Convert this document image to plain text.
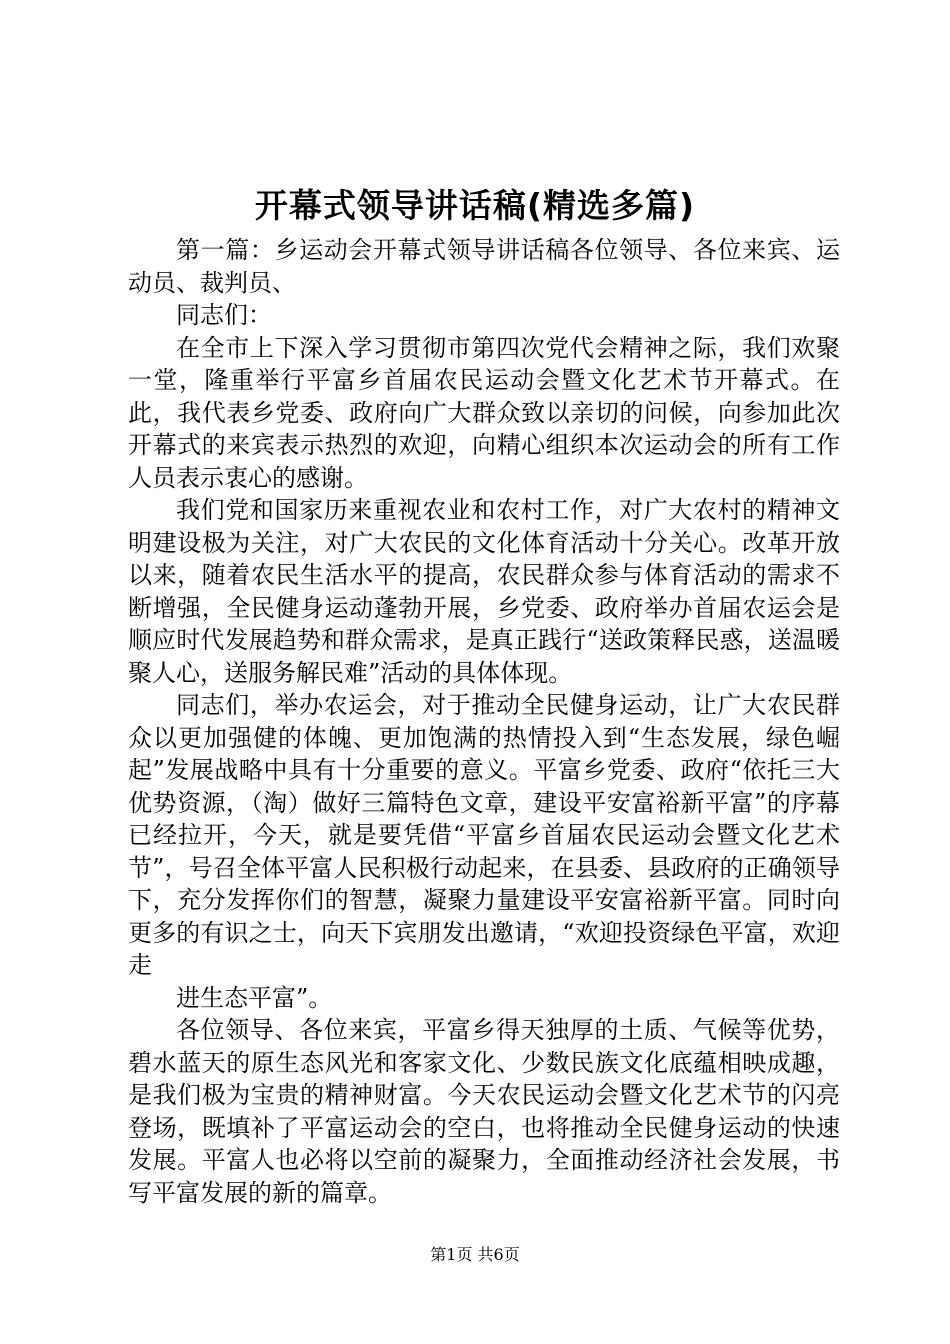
开幕式领导讲话稿(精选多篇)

第一篇：乡运动会开幕式领导讲话稿各位领导、各位来宾、运动员、裁判员、

同志们：

在全市上下深入学习贯彻市第四次党代会精神之际，我们欢聚一堂，隆重举行平富乡首届农民运动会暨文化艺术节开幕式。在此，我代表乡党委、政府向广大群众致以亲切的问候，向参加此次开幕式的来宾表示热烈的欢迎，向精心组织本次运动会的所有工作人员表示衷心的感谢。

我们党和国家历来重视农业和农村工作，对广大农村的精神文明建设极为关注，对广大农民的文化体育活动十分关心。改革开放以来，随着农民生活水平的提高，农民群众参与体育活动的需求不断增强，全民健身运动蓬勃开展，乡党委、政府举办首届农运会是顺应时代发展趋势和群众需求，是真正践行“送政策释民惑，送温暖聚人心，送服务解民难”活动的具体体现。

同志们，举办农运会，对于推动全民健身运动，让广大农民群众以更加强健的体魄、更加饱满的热情投入到“生态发展，绿色崛起”发展战略中具有十分重要的意义。平富乡党委、政府“依托三大优势资源，（淘）做好三篇特色文章，建设平安富裕新平富”的序幕已经拉开，今天，就是要凭借“平富乡首届农民运动会暨文化艺术节”，号召全体平富人民积极行动起来，在县委、县政府的正确领导下，充分发挥你们的智慧，凝聚力量建设平安富裕新平富。同时向更多的有识之士，向天下宾朋发出邀请，“欢迎投资绿色平富，欢迎走

进生态平富”。

各位领导、各位来宾，平富乡得天独厚的土质、气候等优势，碧水蓝天的原生态风光和客家文化、少数民族文化底蕴相映成趣，是我们极为宝贵的精神财富。今天农民运动会暨文化艺术节的闪亮登场，既填补了平富运动会的空白，也将推动全民健身运动的快速发展。平富人也必将以空前的凝聚力，全面推动经济社会发展，书写平富发展的新的篇章。

第1页 共6页
